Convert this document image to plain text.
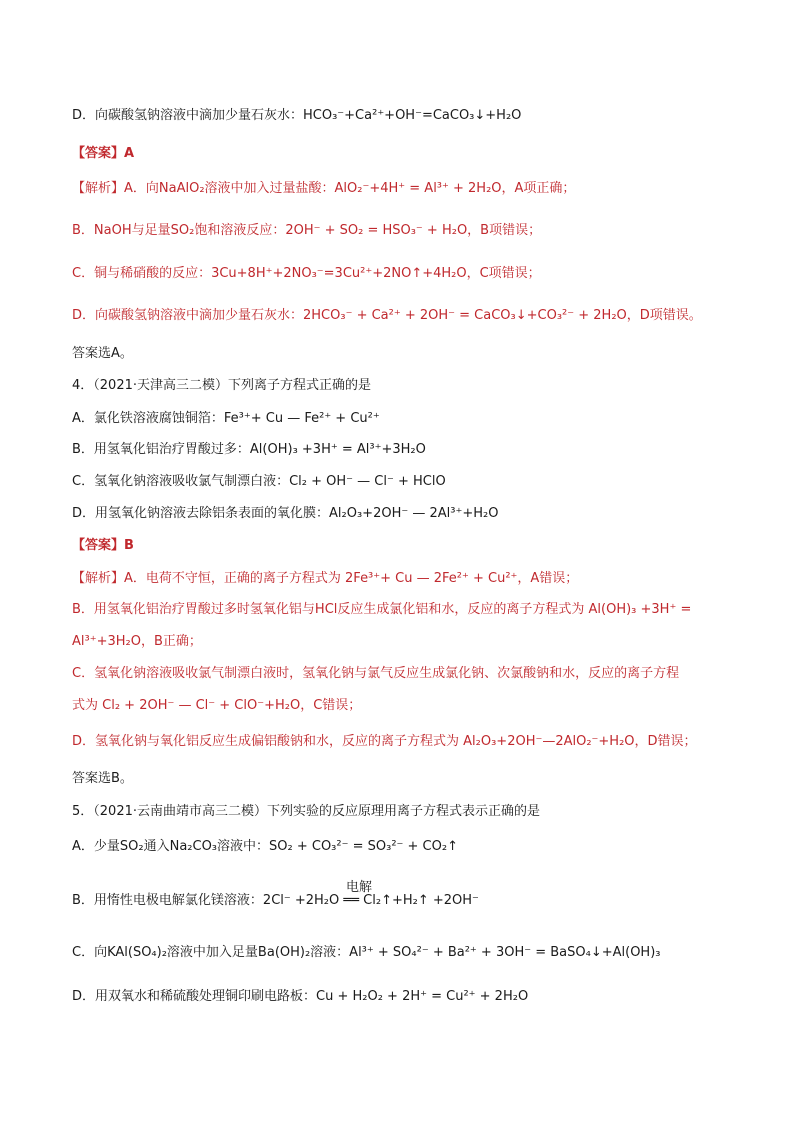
D．向碳酸氢钠溶液中滴加少量石灰水：HCO₃⁻+Ca²⁺+OH⁻=CaCO₃↓+H₂O
【答案】A
【解析】A．向NaAlO₂溶液中加入过量盐酸：AlO₂⁻+4H⁺ = Al³⁺ + 2H₂O，A项正确；
B．NaOH与足量SO₂饱和溶液反应：2OH⁻ + SO₂ = HSO₃⁻ + H₂O，B项错误；
C．铜与稀硝酸的反应：3Cu+8H⁺+2NO₃⁻=3Cu²⁺+2NO↑+4H₂O，C项错误；
D．向碳酸氢钠溶液中滴加少量石灰水：2HCO₃⁻ + Ca²⁺ + 2OH⁻ = CaCO₃↓+CO₃²⁻ + 2H₂O，D项错误。
答案选A。
4．（2021·天津高三二模）下列离子方程式正确的是
A．氯化铁溶液腐蚀铜箔：Fe³⁺+ Cu — Fe²⁺ + Cu²⁺
B．用氢氧化铝治疗胃酸过多：Al(OH)₃ +3H⁺ = Al³⁺+3H₂O
C．氢氧化钠溶液吸收氯气制漂白液：Cl₂ + OH⁻ — Cl⁻ + HClO
D．用氢氧化钠溶液去除铝条表面的氧化膜：Al₂O₃+2OH⁻ — 2Al³⁺+H₂O
【答案】B
【解析】A．电荷不守恒，正确的离子方程式为 2Fe³⁺+ Cu — 2Fe²⁺ + Cu²⁺，A错误；
B．用氢氧化铝治疗胃酸过多时氢氧化铝与HCl反应生成氯化铝和水，反应的离子方程式为 Al(OH)₃ +3H⁺ =
Al³⁺+3H₂O，B正确；
C．氢氧化钠溶液吸收氯气制漂白液时，氢氧化钠与氯气反应生成氯化钠、次氯酸钠和水，反应的离子方程
式为 Cl₂ + 2OH⁻ — Cl⁻ + ClO⁻+H₂O，C错误；
D．氢氧化钠与氧化铝反应生成偏铝酸钠和水，反应的离子方程式为 Al₂O₃+2OH⁻—2AlO₂⁻+H₂O，D错误；
答案选B。
5．（2021·云南曲靖市高三二模）下列实验的反应原理用离子方程式表示正确的是
A．少量SO₂通入Na₂CO₃溶液中：SO₂ + CO₃²⁻ = SO₃²⁻ + CO₂↑
电解
B．用惰性电极电解氯化镁溶液：2Cl⁻ +2H₂O ══ Cl₂↑+H₂↑ +2OH⁻
C．向KAl(SO₄)₂溶液中加入足量Ba(OH)₂溶液：Al³⁺ + SO₄²⁻ + Ba²⁺ + 3OH⁻ = BaSO₄↓+Al(OH)₃
D．用双氧水和稀硫酸处理铜印刷电路板：Cu + H₂O₂ + 2H⁺ = Cu²⁺ + 2H₂O
